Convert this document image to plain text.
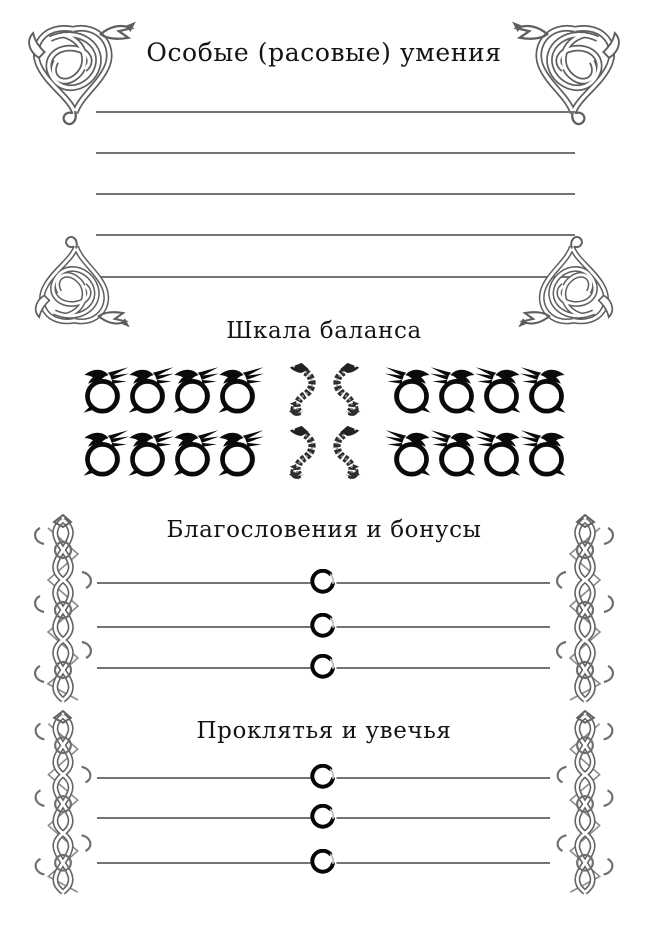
Особые (расовые) умения
Шкала баланса
Благословения и бонусы
Проклятья и увечья
